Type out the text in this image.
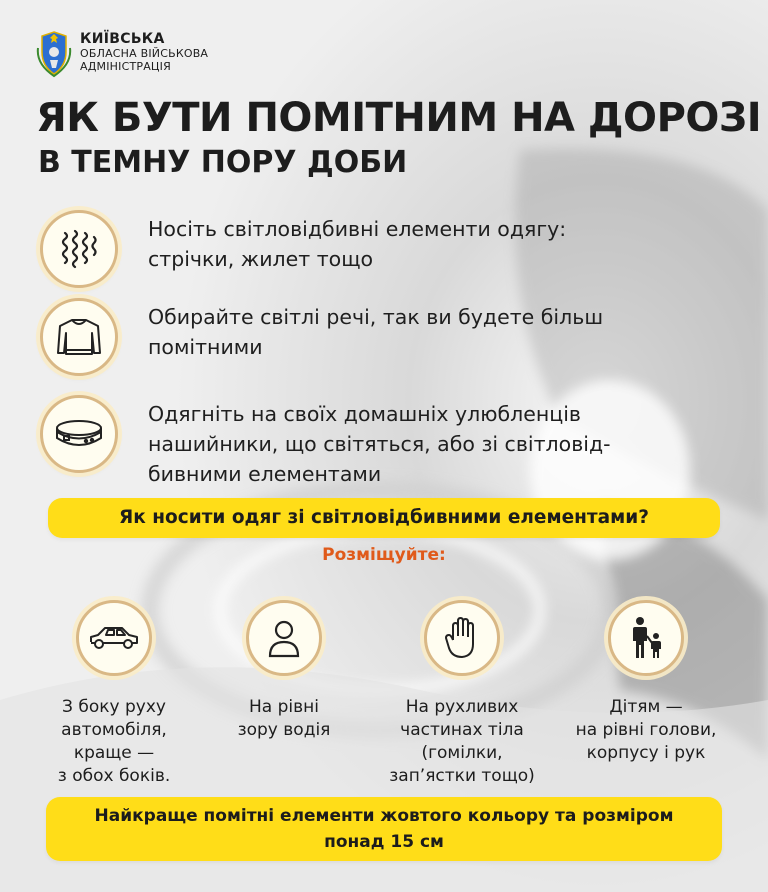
КИЇВСЬКА
ОБЛАСНА ВІЙСЬКОВА
АДМІНІСТРАЦІЯ
ЯК БУТИ ПОМІТНИМ НА ДОРОЗІ
В ТЕМНУ ПОРУ ДОБИ
Носіть світловідбивні елементи одягу:
стрічки, жилет тощо
Обирайте світлі речі, так ви будете більш
помітними
Одягніть на своїх домашніх улюбленців
нашийники, що світяться, або зі світловід-
бивними елементами
Як носити одяг зі світловідбивними елементами?
Розміщуйте:
З боку руху
автомобіля,
краще —
з обох боків.
На рівні
зору водія
На рухливих
частинах тіла
(гомілки,
зап’ястки тощо)
Дітям —
на рівні голови,
корпусу і рук
Найкраще помітні елементи жовтого кольору та розміром
понад 15 см
